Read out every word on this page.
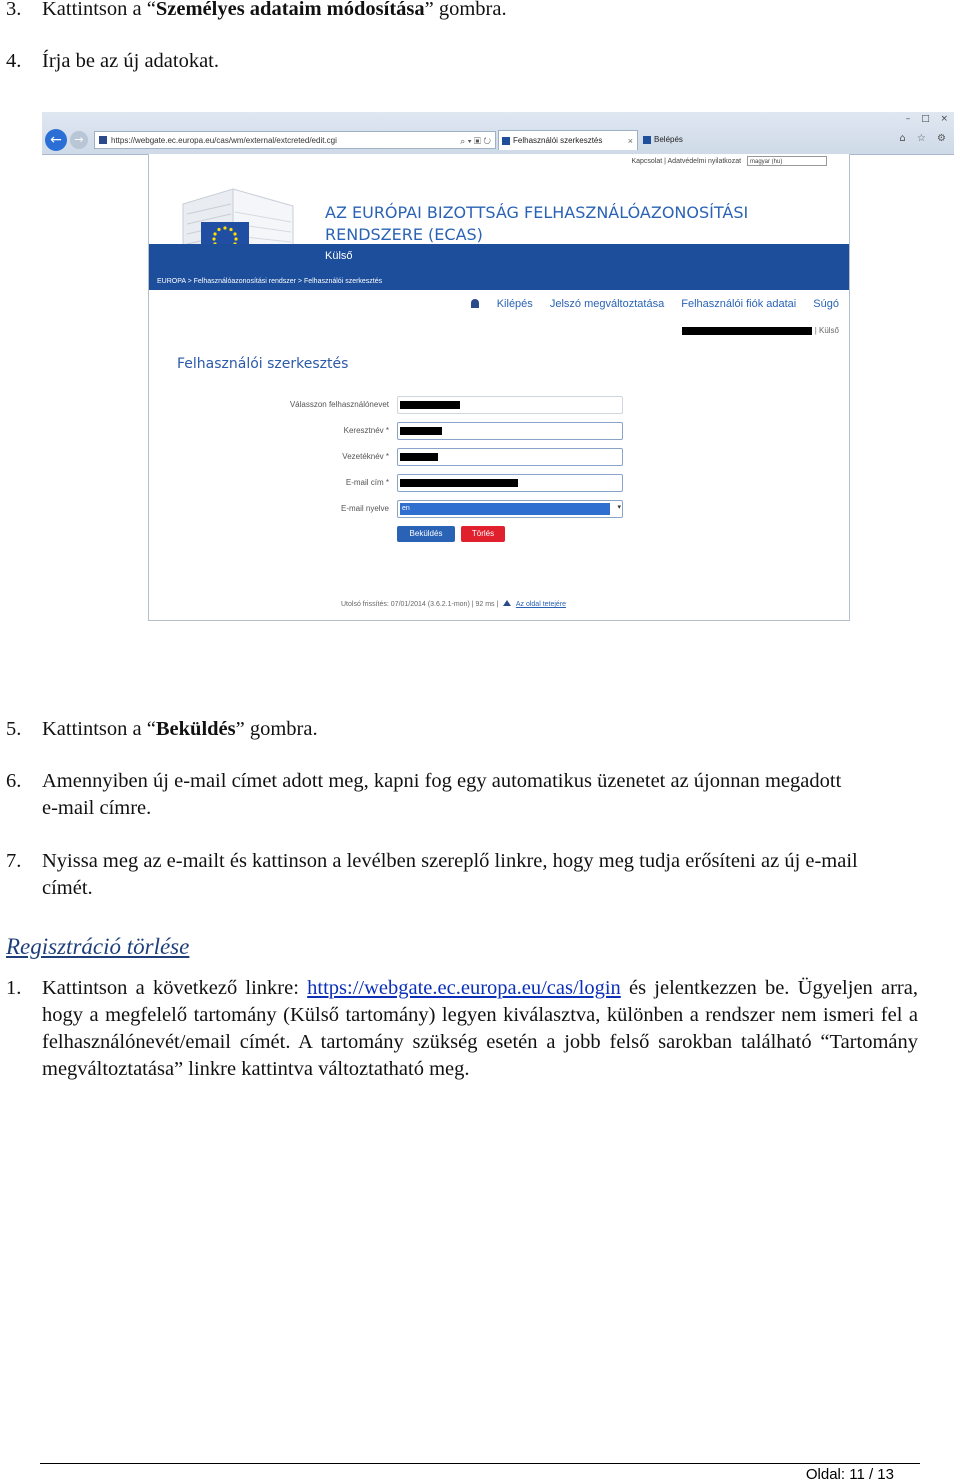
3. Kattintson a “Személyes adataim módosítása” gombra.
4. Írja be az új adatokat.
←	→	https://webgate.ec.europa.eu/cas/wm/external/extcreted/edit.cgi	⌕ ▾ ▣ ↻	Felhasználói szerkesztés	×	Belépés
– □ ×
⌂ ☆ ⚙
Kapcsolat | Adatvédelmi nyilatkozat magyar (hu)
AZ EURÓPAI BIZOTTSÁG FELHASZNÁLÓAZONOSÍTÁSI
RENDSZERE (ECAS)
Külső
EUROPA > Felhasználóazonosítási rendszer > Felhasználói szerkesztés
Kilépés Jelszó megváltoztatása Felhasználói fiók adatai Súgó
| Külső
Felhasználói szerkesztés
Válasszon felhasználónevet
Keresztnév *
Vezetéknév *
E-mail cím *
E-mail nyelve en	▾
Beküldés	Törlés
Utolsó frissítés: 07/01/2014 (3.6.2.1-mon) | 92 ms |	Az oldal tetejére
5. Kattintson a “Beküldés” gombra.
6. Amennyiben új e-mail címet adott meg, kapni fog egy automatikus üzenetet az újonnan megadott e-mail címre.
7. Nyissa meg az e-mailt és kattinson a levélben szereplő linkre, hogy meg tudja erősíteni az új e-mail címét.
Regisztráció törlése
1. Kattintson a következő linkre: https://webgate.ec.europa.eu/cas/login és jelentkezzen be. Ügyeljen arra, hogy a megfelelő tartomány (Külső tartomány) legyen kiválasztva, különben a rendszer nem ismeri fel a felhasználónevét/email címét. A tartomány szükség esetén a jobb felső sarokban található “Tartomány megváltoztatása” linkre kattintva változtatható meg.
Oldal: 11 / 13
